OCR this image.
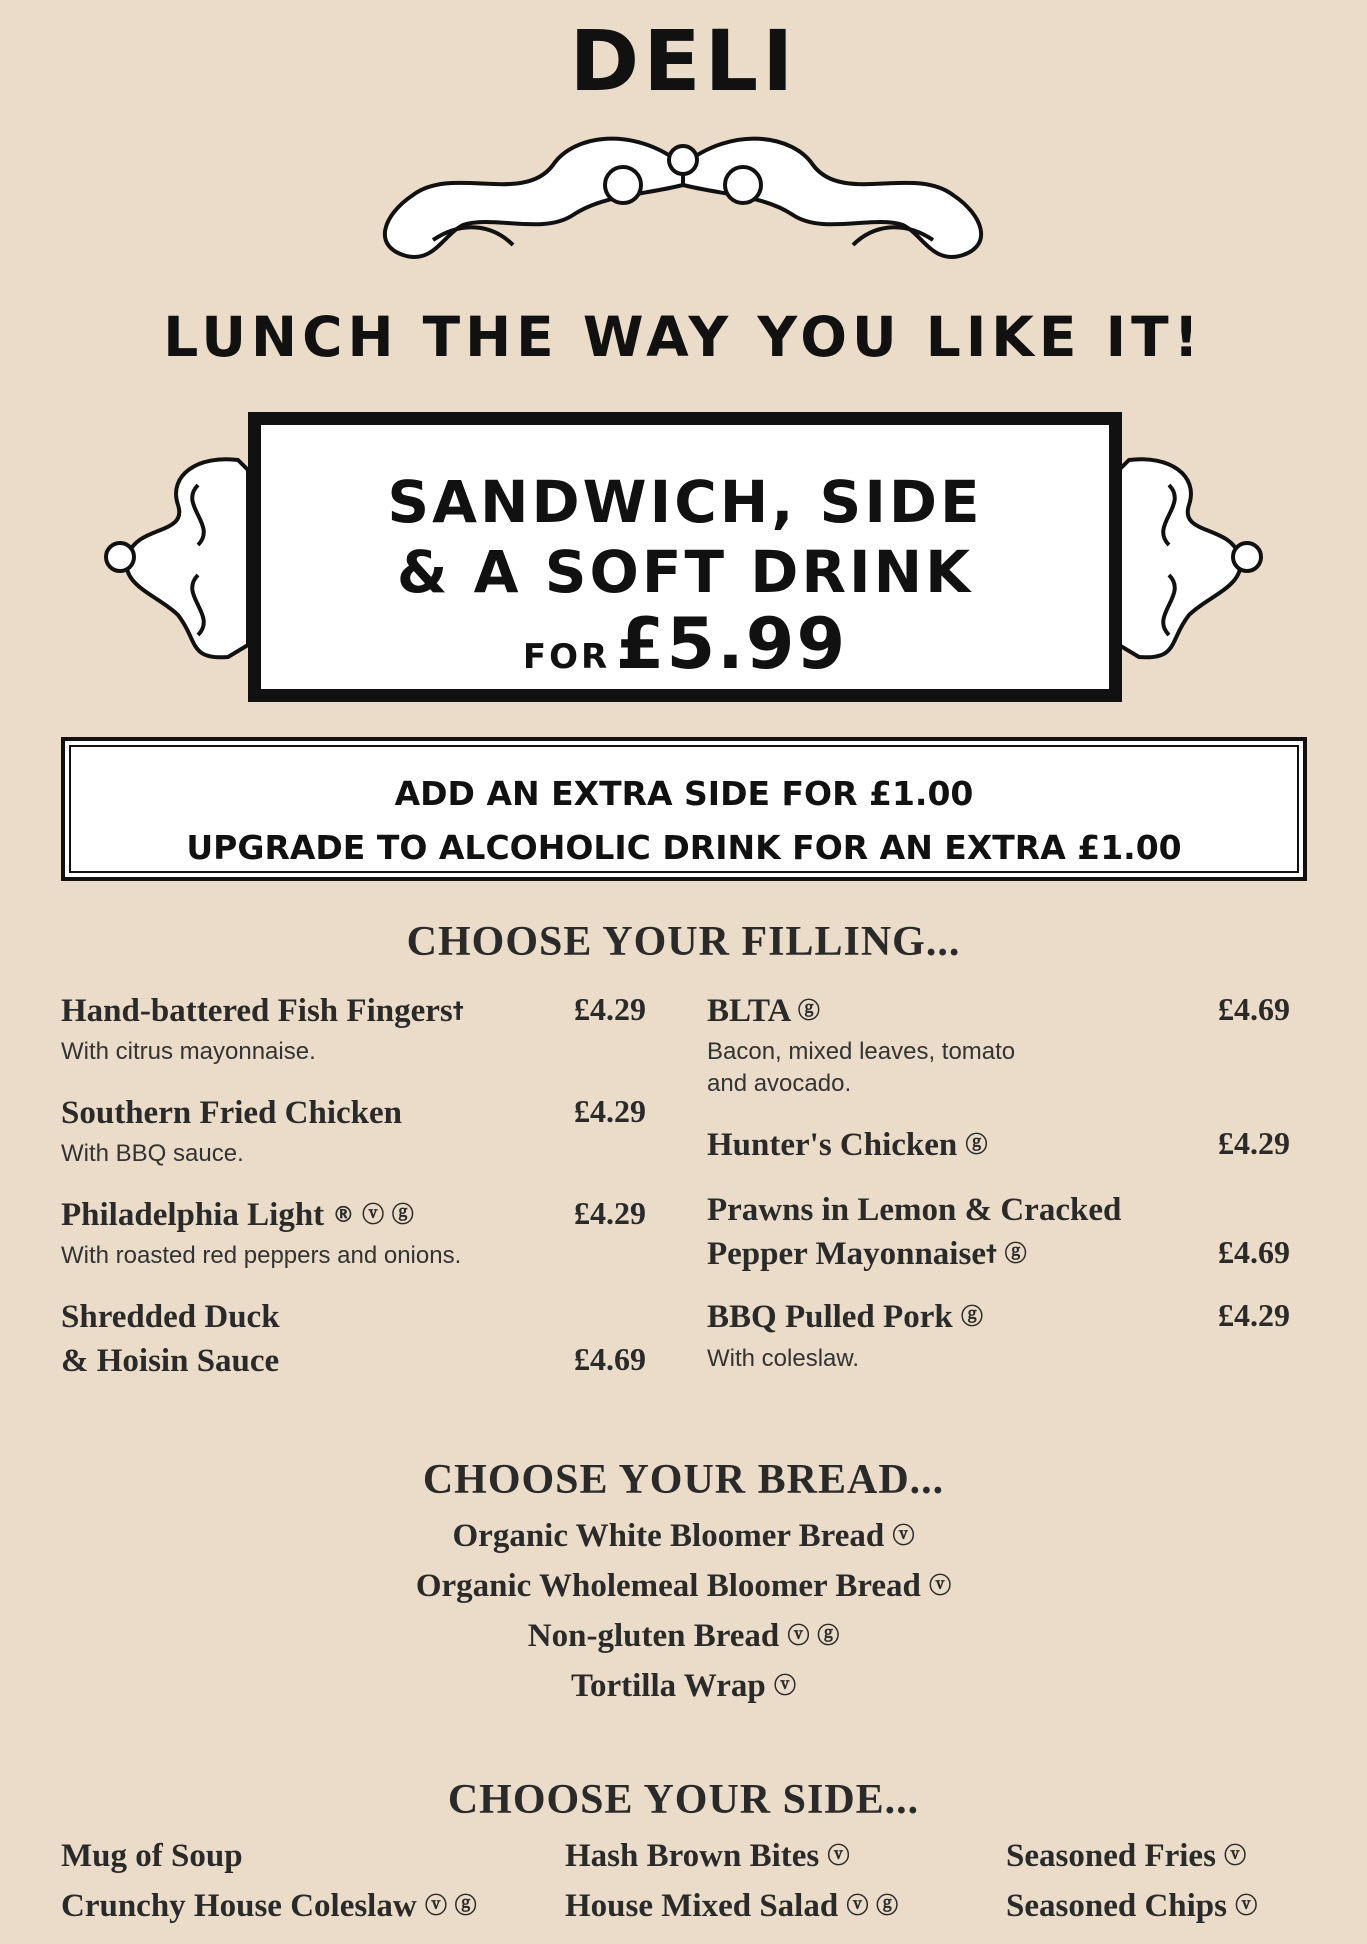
DELI
LUNCH THE WAY YOU LIKE IT!
SANDWICH, SIDE
& A SOFT DRINK
FOR £5.99
ADD AN EXTRA SIDE FOR £1.00
UPGRADE TO ALCOHOLIC DRINK FOR AN EXTRA £1.00
CHOOSE YOUR FILLING...
Hand-battered Fish Fingers†	£4.29
With citrus mayonnaise.
Southern Fried Chicken	£4.29
With BBQ sauce.
Philadelphia Light ® ⓥ ⓖ	£4.29
With roasted red peppers and onions.
Shredded Duck
& Hoisin Sauce	£4.69
BLTA ⓖ	£4.69
Bacon, mixed leaves, tomato
and avocado.
Hunter's Chicken ⓖ	£4.29
Prawns in Lemon & Cracked
Pepper Mayonnaise† ⓖ	£4.69
BBQ Pulled Pork ⓖ	£4.29
With coleslaw.
CHOOSE YOUR BREAD...
Organic White Bloomer Bread ⓥ
Organic Wholemeal Bloomer Bread ⓥ
Non-gluten Bread ⓥ ⓖ
Tortilla Wrap ⓥ
CHOOSE YOUR SIDE...
Mug of Soup
Crunchy House Coleslaw ⓥ ⓖ
Hash Brown Bites ⓥ
House Mixed Salad ⓥ ⓖ
Seasoned Fries ⓥ
Seasoned Chips ⓥ
